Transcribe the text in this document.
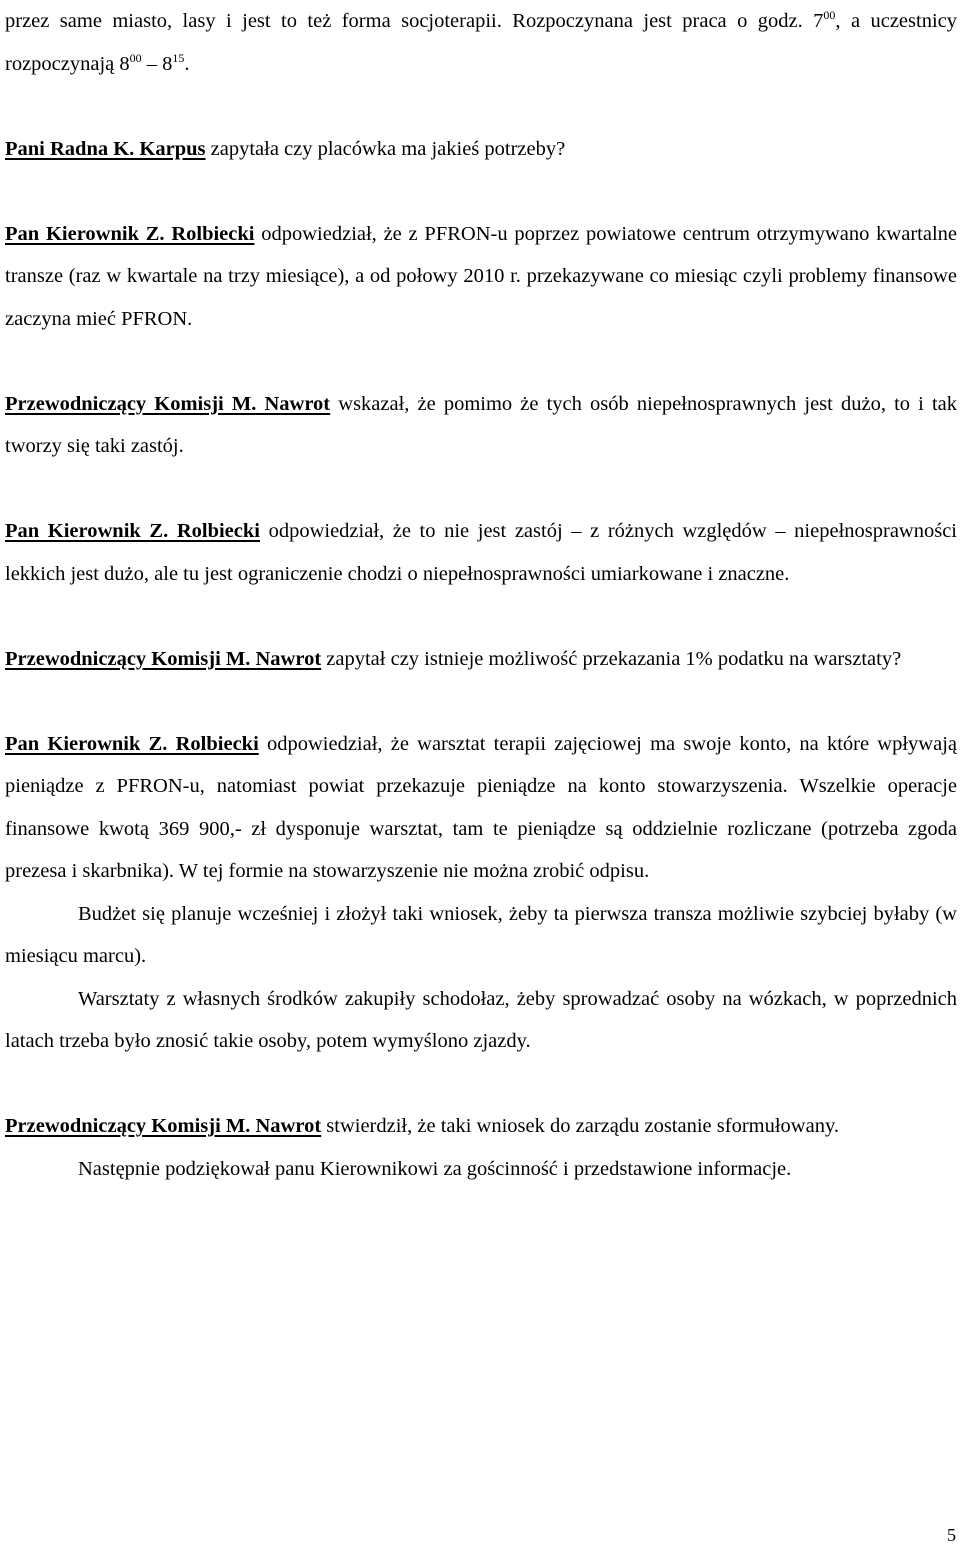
przez same miasto, lasy i jest to też forma socjoterapii. Rozpoczynana jest praca o godz. $7^{00}$, a uczestnicy rozpoczynają $8^{00} - 8^{15}$.

Pani Radna K. Karpus zapytała czy placówka ma jakieś potrzeby?

Pan Kierownik Z. Rolbiecki odpowiedział, że z PFRON-u poprzez powiatowe centrum otrzymywano kwartalne transze (raz w kwartale na trzy miesiące), a od połowy 2010 r. przekazywane co miesiąc czyli problemy finansowe zaczyna mieć PFRON.

Przewodniczący Komisji M. Nawrot wskazał, że pomimo że tych osób niepełnosprawnych jest dużo, to i tak tworzy się taki zastój.

Pan Kierownik Z. Rolbiecki odpowiedział, że to nie jest zastój – z różnych względów – niepełnosprawności lekkich jest dużo, ale tu jest ograniczenie chodzi o niepełnosprawności umiarkowane i znaczne.

Przewodniczący Komisji M. Nawrot zapytał czy istnieje możliwość przekazania 1% podatku na warsztaty?

Pan Kierownik Z. Rolbiecki odpowiedział, że warsztat terapii zajęciowej ma swoje konto, na które wpływają pieniądze z PFRON-u, natomiast powiat przekazuje pieniądze na konto stowarzyszenia. Wszelkie operacje finansowe kwotą 369 900,- zł dysponuje warsztat, tam te pieniądze są oddzielnie rozliczane (potrzeba zgoda prezesa i skarbnika). W tej formie na stowarzyszenie nie można zrobić odpisu.

Budżet się planuje wcześniej i złożył taki wniosek, żeby ta pierwsza transza możliwie szybciej byłaby (w miesiącu marcu).

Warsztaty z własnych środków zakupiły schodołaz, żeby sprowadzać osoby na wózkach, w poprzednich latach trzeba było znosić takie osoby, potem wymyślono zjazdy.

Przewodniczący Komisji M. Nawrot stwierdził, że taki wniosek do zarządu zostanie sformułowany.

Następnie podziękował panu Kierownikowi za gościnność i przedstawione informacje.

5
